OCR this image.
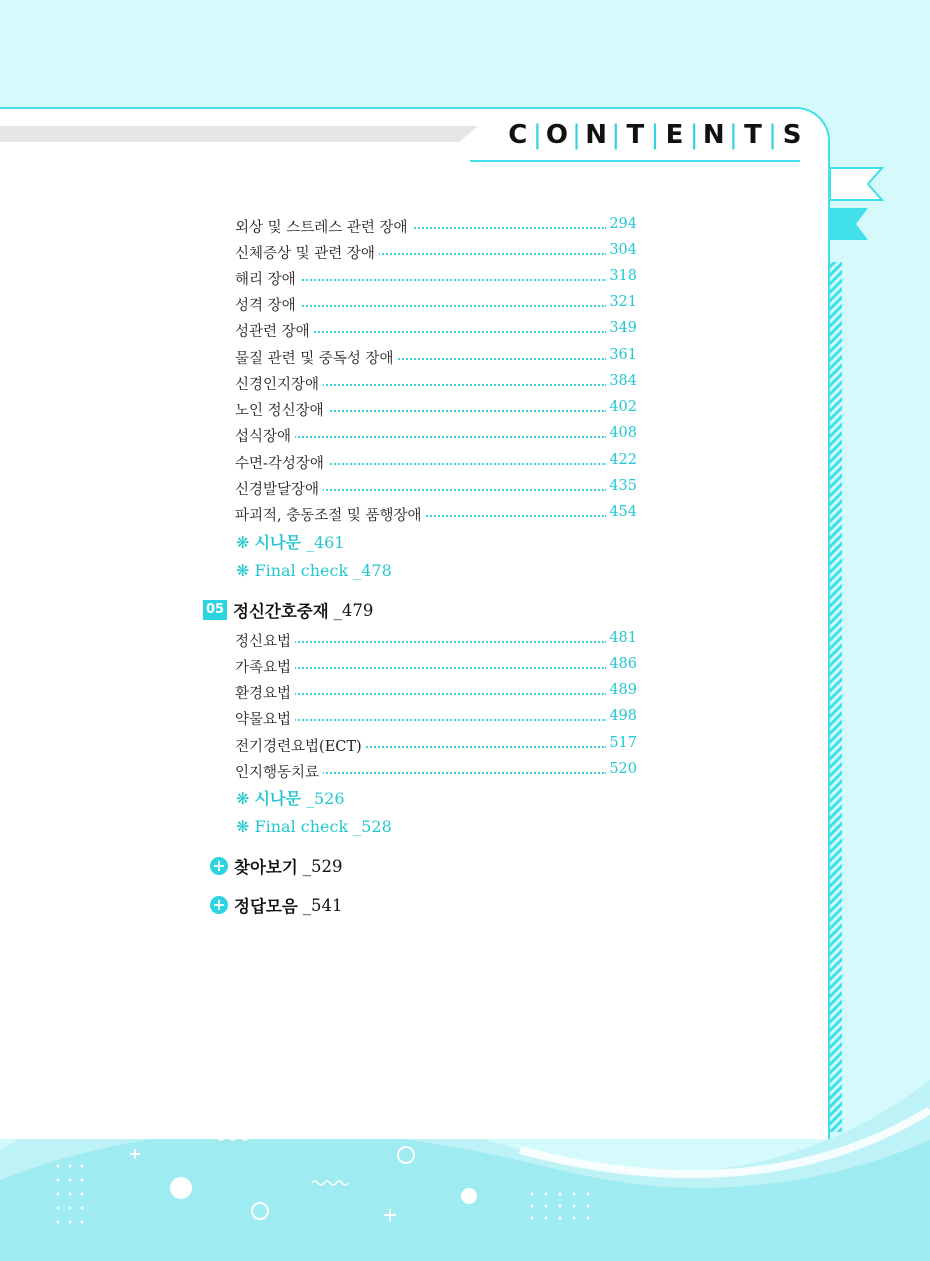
C | O | N | T | E | N | T | S
외상 및 스트레스 관련 장애	294
신체증상 및 관련 장애	304
해리 장애	318
성격 장애	321
성관련 장애	349
물질 관련 및 중독성 장애	361
신경인지장애	384
노인 정신장애	402
섭식장애	408
수면-각성장애	422
신경발달장애	435
파괴적, 충동조절 및 품행장애	454
❋ 시나문 _461
❋ Final check _478
05 정신간호중재 _479
정신요법	481
가족요법	486
환경요법	489
약물요법	498
전기경련요법(ECT)	517
인지행동치료	520
❋ 시나문 _526
❋ Final check _528
+ 찾아보기 _529
+ 정답모음 _541
